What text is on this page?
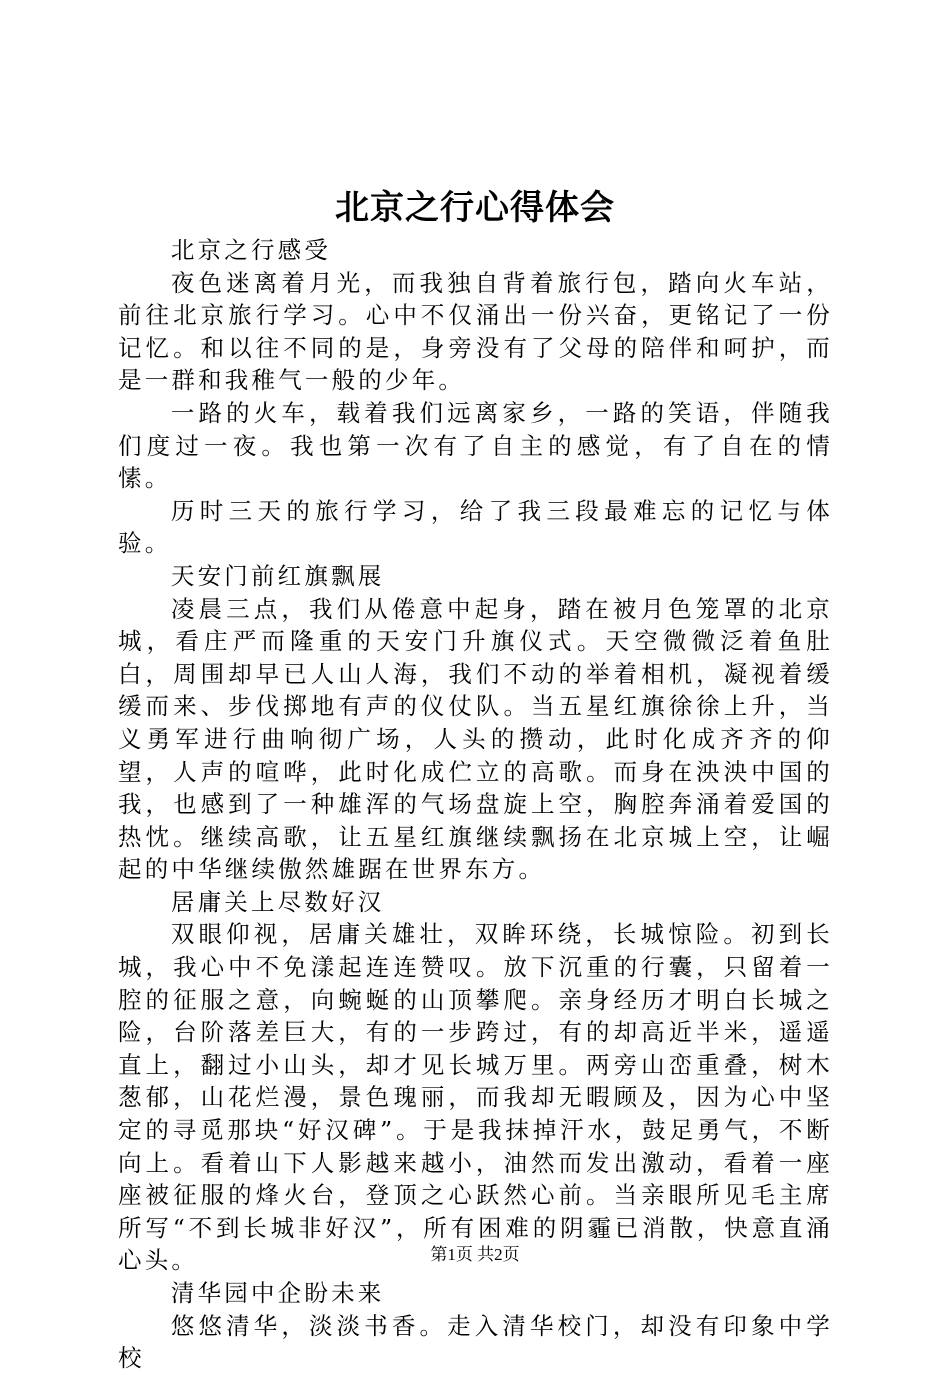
北京之行心得体会

北京之行感受

夜色迷离着月光，而我独自背着旅行包，踏向火车站，前往北京旅行学习。心中不仅涌出一份兴奋，更铭记了一份记忆。和以往不同的是，身旁没有了父母的陪伴和呵护，而是一群和我稚气一般的少年。

一路的火车，载着我们远离家乡，一路的笑语，伴随我们度过一夜。我也第一次有了自主的感觉，有了自在的情愫。

历时三天的旅行学习，给了我三段最难忘的记忆与体验。

天安门前红旗飘展

凌晨三点，我们从倦意中起身，踏在被月色笼罩的北京城，看庄严而隆重的天安门升旗仪式。天空微微泛着鱼肚白，周围却早已人山人海，我们不动的举着相机，凝视着缓缓而来、步伐掷地有声的仪仗队。当五星红旗徐徐上升，当义勇军进行曲响彻广场，人头的攒动，此时化成齐齐的仰望，人声的喧哗，此时化成伫立的高歌。而身在泱泱中国的我，也感到了一种雄浑的气场盘旋上空，胸腔奔涌着爱国的热忱。继续高歌，让五星红旗继续飘扬在北京城上空，让崛起的中华继续傲然雄踞在世界东方。

居庸关上尽数好汉

双眼仰视，居庸关雄壮，双眸环绕，长城惊险。初到长城，我心中不免漾起连连赞叹。放下沉重的行囊，只留着一腔的征服之意，向蜿蜒的山顶攀爬。亲身经历才明白长城之险，台阶落差巨大，有的一步跨过，有的却高近半米，遥遥直上，翻过小山头，却才见长城万里。两旁山峦重叠，树木葱郁，山花烂漫，景色瑰丽，而我却无暇顾及，因为心中坚定的寻觅那块“好汉碑”。于是我抹掉汗水，鼓足勇气，不断向上。看着山下人影越来越小，油然而发出激动，看着一座座被征服的烽火台，登顶之心跃然心前。当亲眼所见毛主席所写“不到长城非好汉”，所有困难的阴霾已消散，快意直涌心头。

清华园中企盼未来

悠悠清华，淡淡书香。走入清华校门，却没有印象中学校

第1页 共2页
